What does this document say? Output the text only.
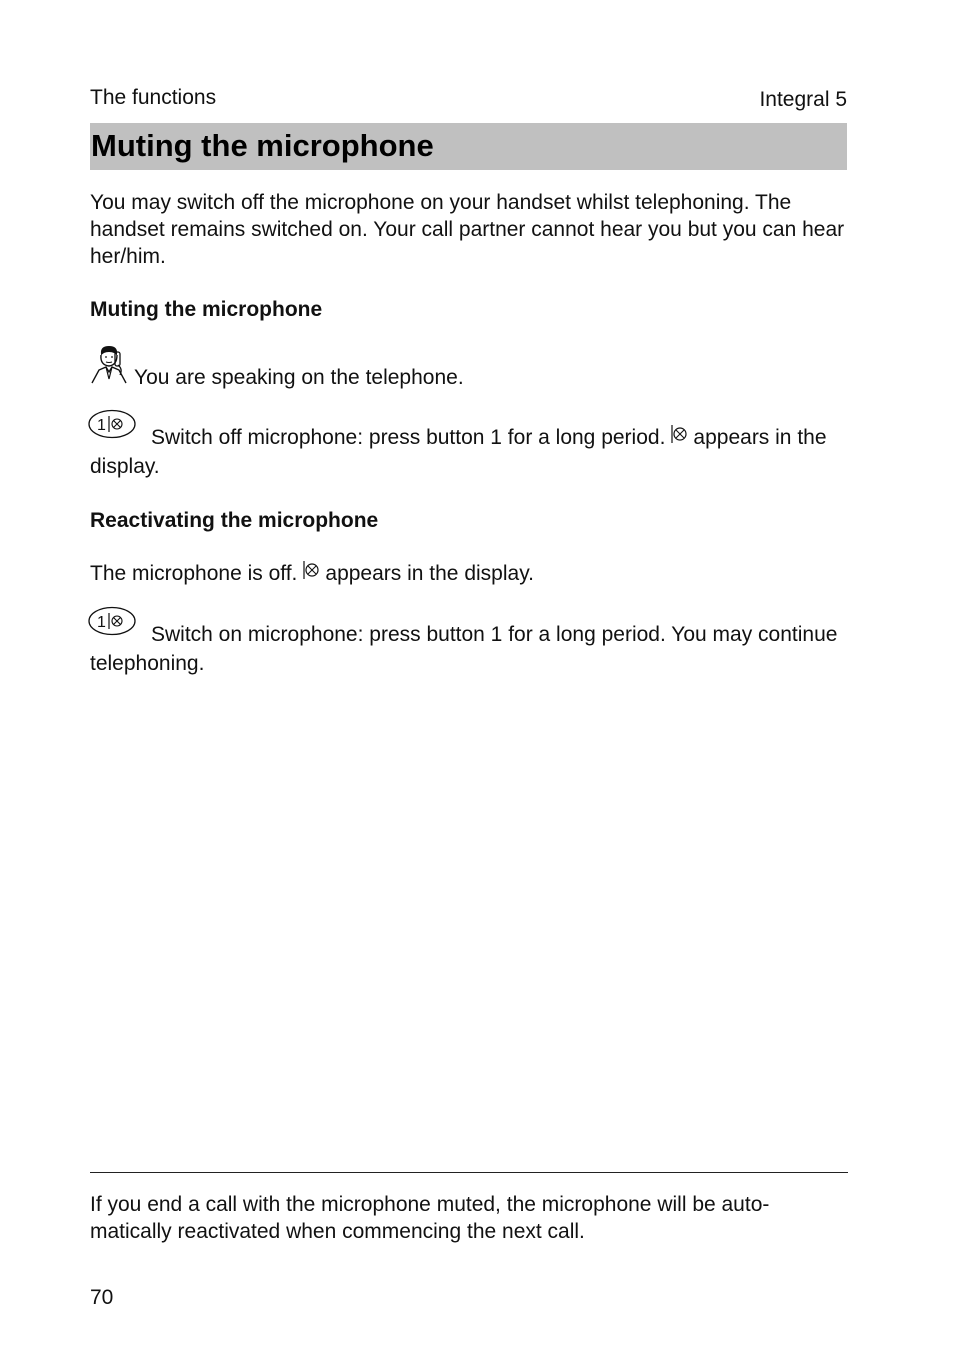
The functions	Integral 5
Muting the microphone
You may switch off the microphone on your handset whilst telephoning. The handset remains switched on. Your call partner cannot hear you but you can hear her/him.
Muting the microphone
You are speaking on the telephone.
1
Switch off microphone: press button 1 for a long period. appears in the display.
Reactivating the microphone
The microphone is off. appears in the display.
1
Switch on microphone: press button 1 for a long period. You may continue telephoning.
If you end a call with the microphone muted, the microphone will be auto-matically reactivated when commencing the next call.
70
